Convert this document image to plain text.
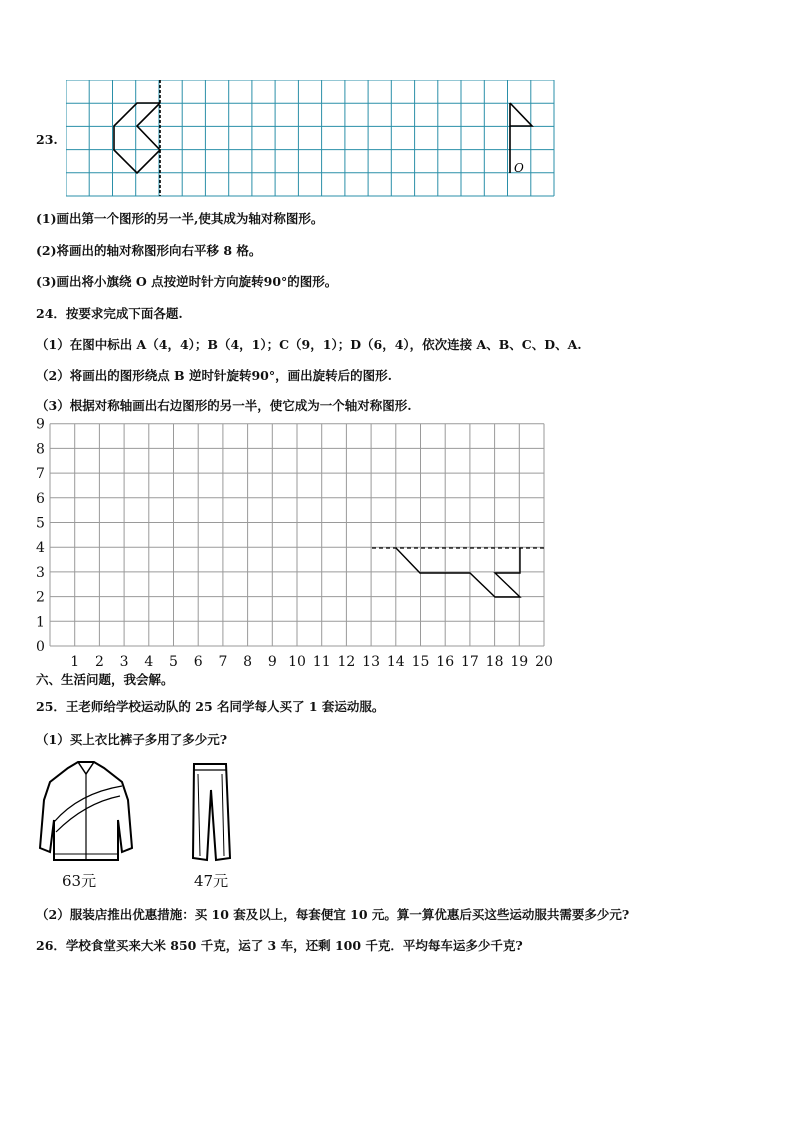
23.
O
(1)画出第一个图形的另一半,使其成为轴对称图形。
(2)将画出的轴对称图形向右平移 8 格。
(3)画出将小旗绕 O 点按逆时针方向旋转90°的图形。
24．按要求完成下面各题.
（1）在图中标出 A（4，4）；B（4，1）；C（9，1）；D（6，4），依次连接 A、B、C、D、A.
（2）将画出的图形绕点 B 逆时针旋转90°，画出旋转后的图形.
（3）根据对称轴画出右边图形的另一半，使它成为一个轴对称图形.
0
1
2
3
4
5
6
7
8
9
1 2 3 4 5 6 7 8 9 10 11 12 13 14 15 16 17 18 19 20
六、生活问题，我会解。
25．王老师给学校运动队的 25 名同学每人买了 1 套运动服。
（1）买上衣比裤子多用了多少元?
63元	47元
（2）服装店推出优惠措施：买 10 套及以上，每套便宜 10 元。算一算优惠后买这些运动服共需要多少元?
26．学校食堂买来大米 850 千克，运了 3 车，还剩 100 千克．平均每车运多少千克?
